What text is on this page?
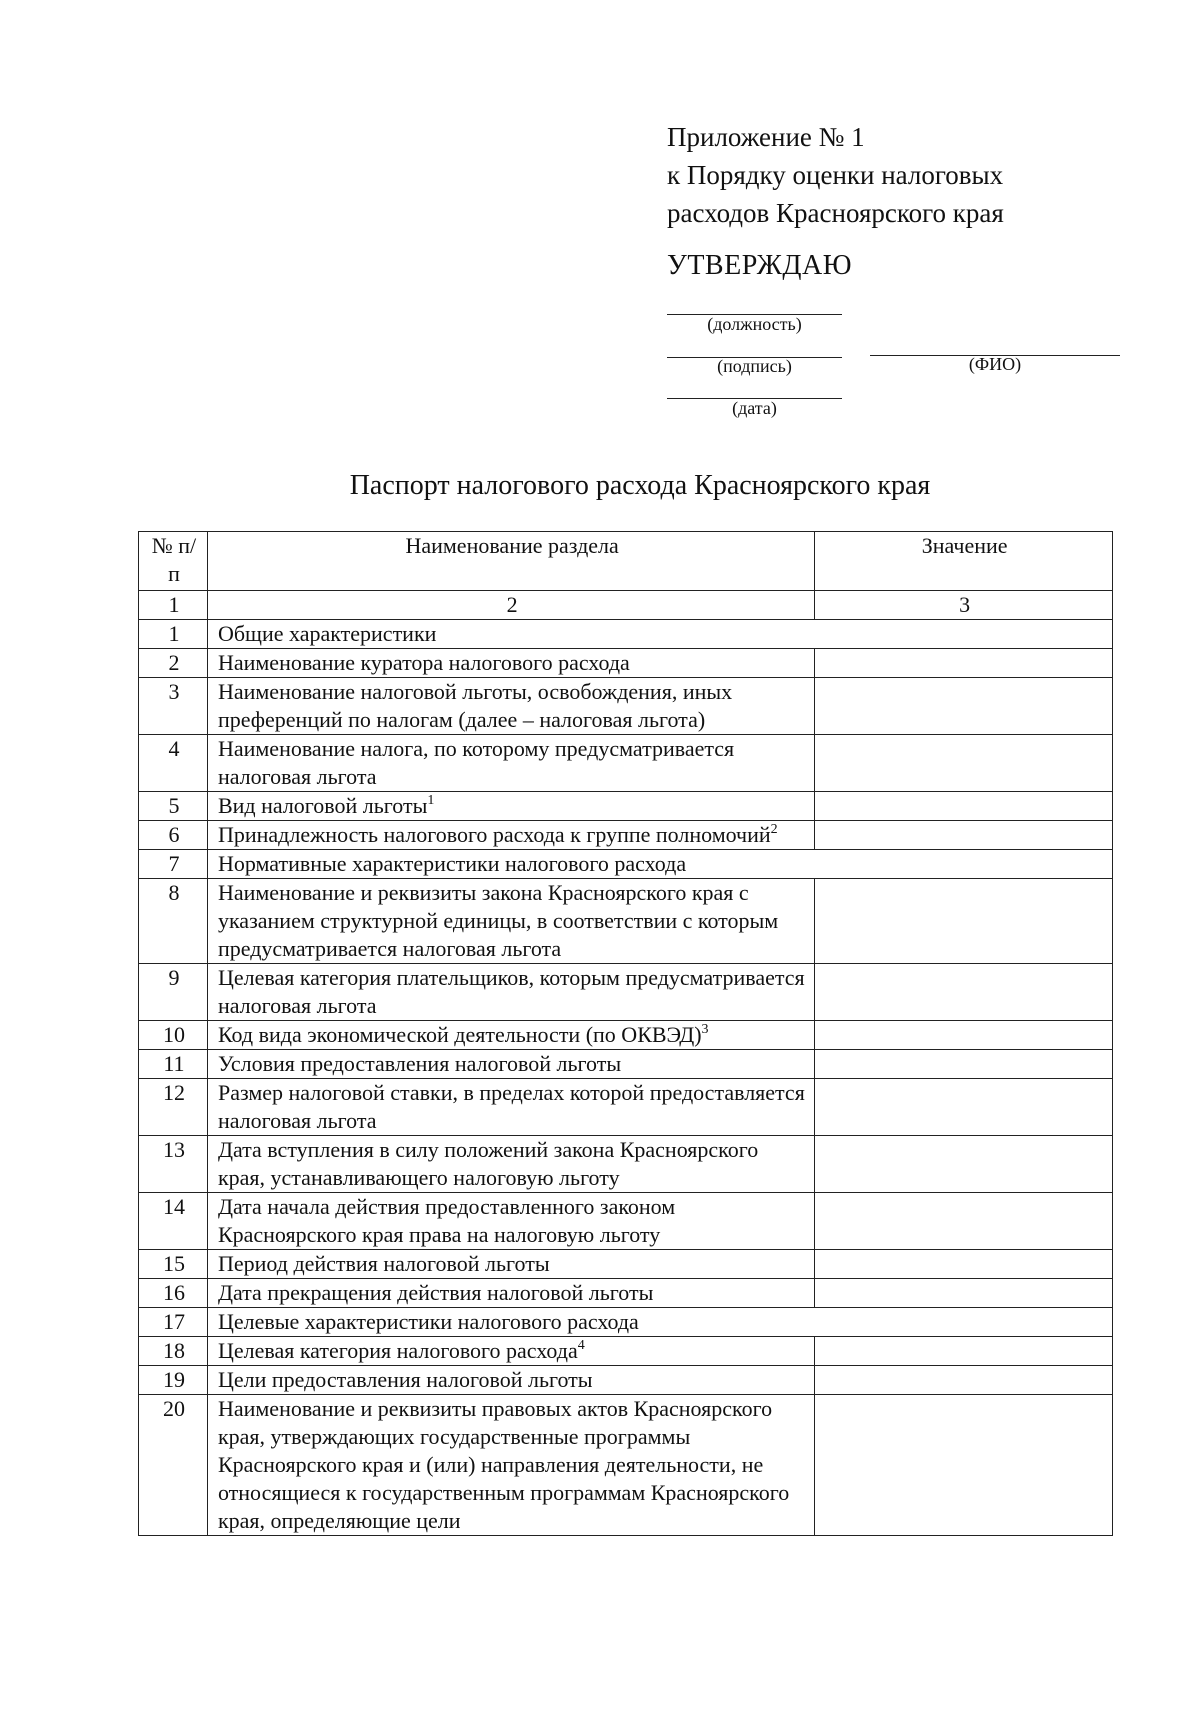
Приложение № 1
к Порядку оценки налоговых
расходов Красноярского края
УТВЕРЖДАЮ
(должность)
(подпись)	(ФИО)
(дата)
Паспорт налогового расхода Красноярского края
№ п/п	Наименование раздела	Значение
1	2	3
1	Общие характеристики	
2	Наименование куратора налогового расхода	
3	Наименование налоговой льготы, освобождения, иных преференций по налогам (далее – налоговая льгота)	
4	Наименование налога, по которому предусматривается налоговая льгота	
5	Вид налоговой льготы$^1$	
6	Принадлежность налогового расхода к группе полномочий$^2$	
7	Нормативные характеристики налогового расхода	
8	Наименование и реквизиты закона Красноярского края с указанием структурной единицы, в соответствии с которым предусматривается налоговая льгота	
9	Целевая категория плательщиков, которым предусматривается налоговая льгота	
10	Код вида экономической деятельности (по ОКВЭД)$^3$	
11	Условия предоставления налоговой льготы	
12	Размер налоговой ставки, в пределах которой предоставляется налоговая льгота	
13	Дата вступления в силу положений закона Красноярского края, устанавливающего налоговую льготу	
14	Дата начала действия предоставленного законом Красноярского края права на налоговую льготу	
15	Период действия налоговой льготы	
16	Дата прекращения действия налоговой льготы	
17	Целевые характеристики налогового расхода	
18	Целевая категория налогового расхода$^4$	
19	Цели предоставления налоговой льготы	
20	Наименование и реквизиты правовых актов Красноярского края, утверждающих государственные программы Красноярского края и (или) направления деятельности, не относящиеся к государственным программам Красноярского края, определяющие цели	
